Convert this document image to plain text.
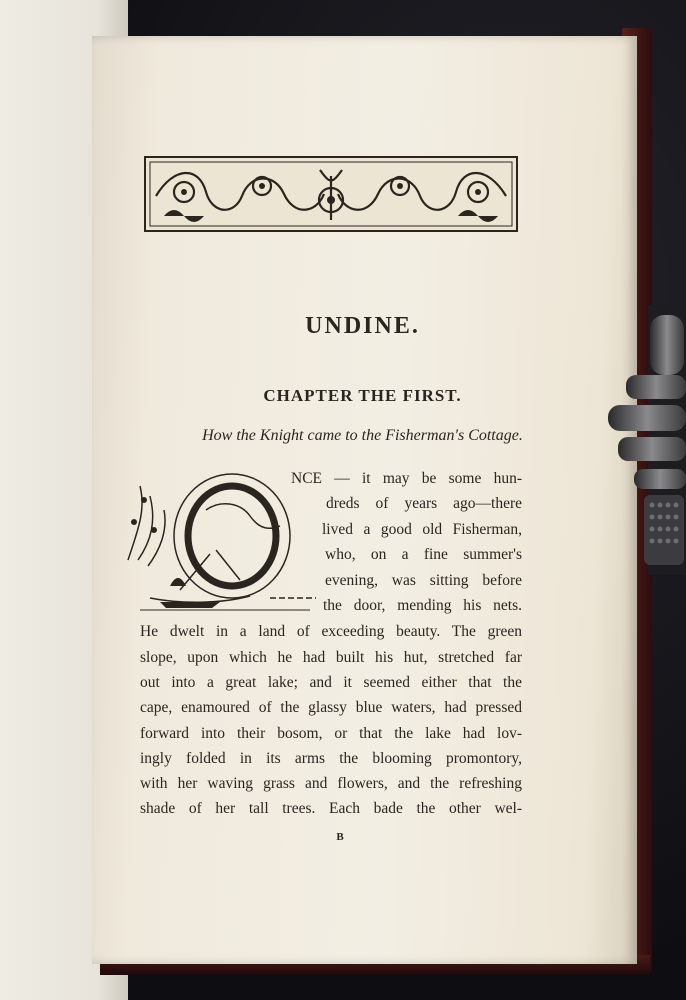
UNDINE.
CHAPTER THE FIRST.

How the Knight came to the Fisherman's Cottage.

NCE — it may be some hun-

dreds of years ago—there

lived a good old Fisherman,

who, on a fine summer's

evening, was sitting before

the door, mending his nets.

He dwelt in a land of exceeding beauty. The green

slope, upon which he had built his hut, stretched far

out into a great lake; and it seemed either that the

cape, enamoured of the glassy blue waters, had pressed

forward into their bosom, or that the lake had lov-

ingly folded in its arms the blooming promontory,

with her waving grass and flowers, and the refreshing

shade of her tall trees. Each bade the other wel-

B
